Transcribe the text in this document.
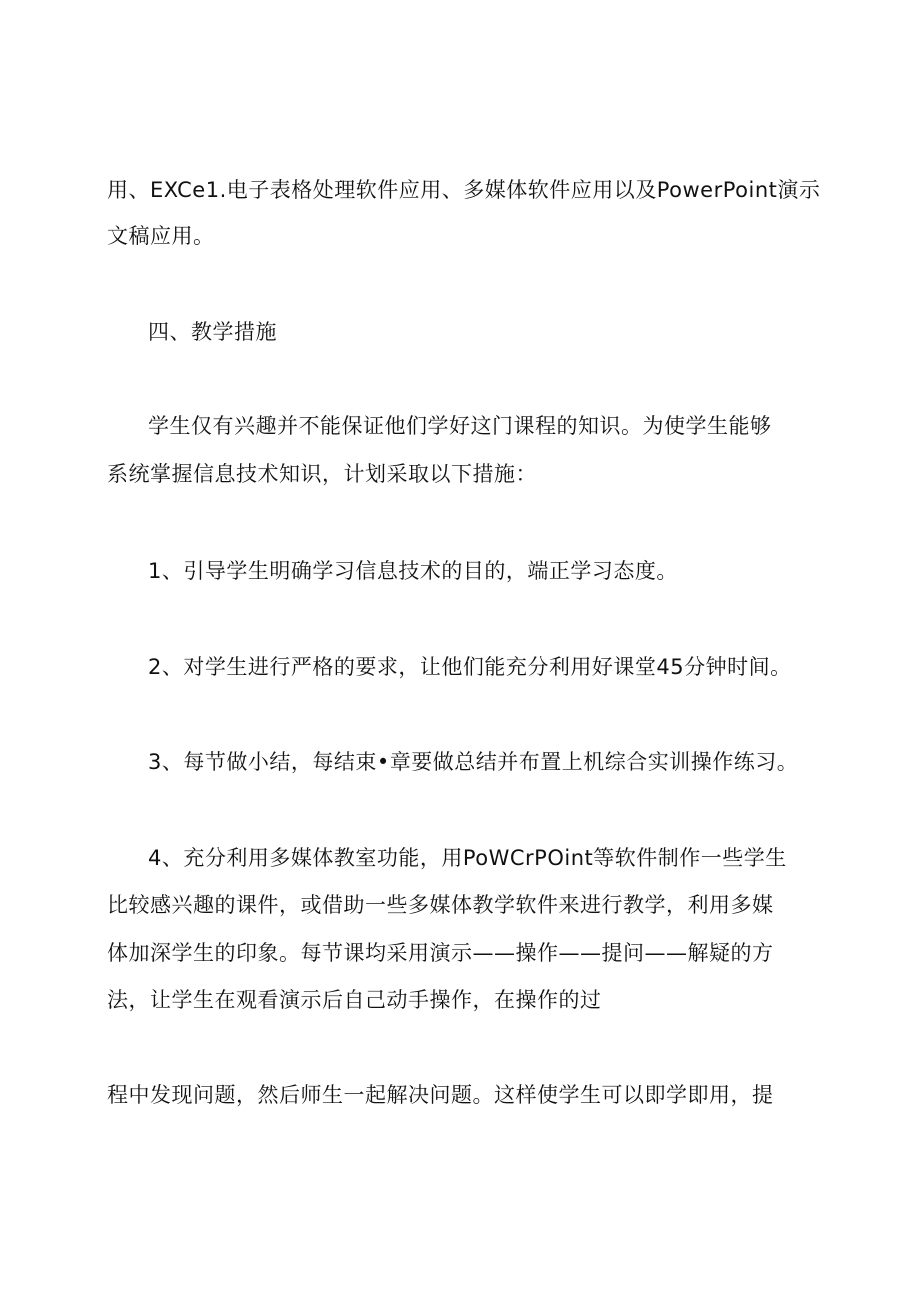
用、EXCe1.电子表格处理软件应用、多媒体软件应用以及PowerPoint演示
文稿应用。
四、教学措施
学生仅有兴趣并不能保证他们学好这门课程的知识。为使学生能够
系统掌握信息技术知识，计划采取以下措施：
1、引导学生明确学习信息技术的目的，端正学习态度。
2、对学生进行严格的要求，让他们能充分利用好课堂45分钟时间。
3、每节做小结，每结束•章要做总结并布置上机综合实训操作练习。
4、充分利用多媒体教室功能，用PoWCrPOint等软件制作一些学生
比较感兴趣的课件，或借助一些多媒体教学软件来进行教学，利用多媒
体加深学生的印象。每节课均采用演示——操作——提问——解疑的方
法，让学生在观看演示后自己动手操作，在操作的过
程中发现问题，然后师生一起解决问题。这样使学生可以即学即用，提
